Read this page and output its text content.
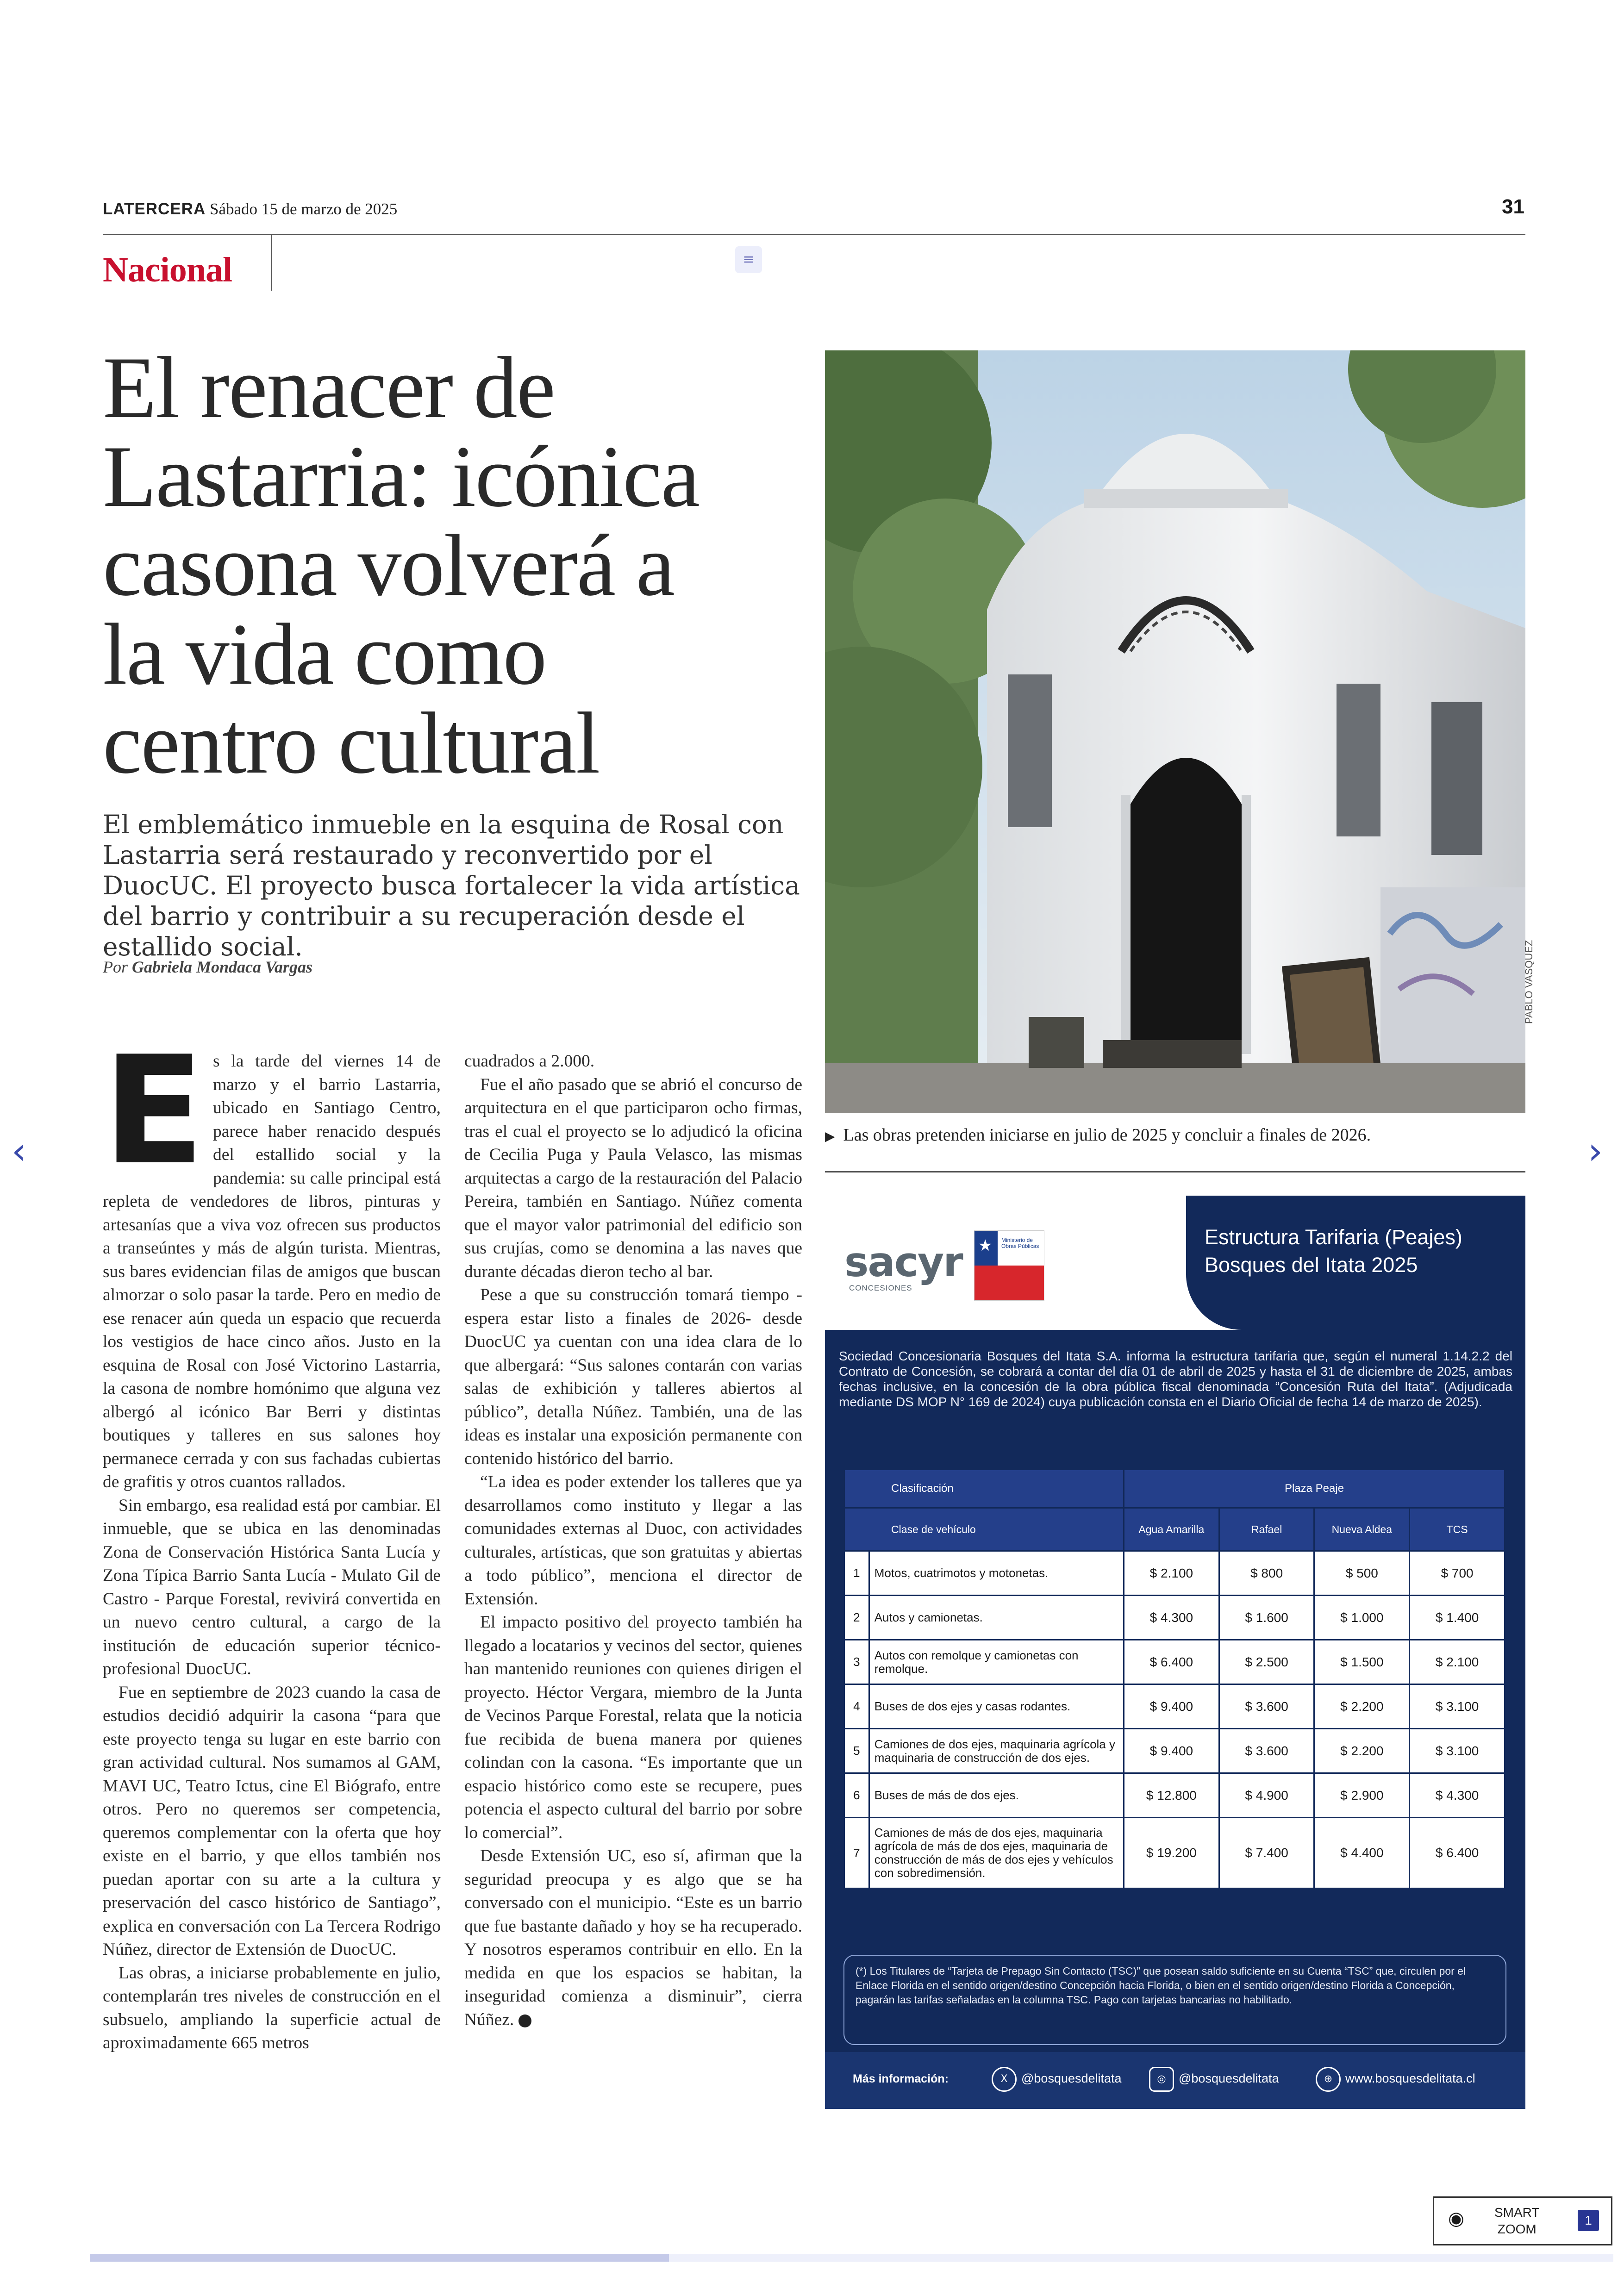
LATERCERA Sábado 15 de marzo de 2025	31
Nacional	≡
El renacer de
Lastarria: icónica
casona volverá a
la vida como
centro cultural
El emblemático inmueble en la esquina de Rosal con Lastarria será restaurado y reconvertido por el DuocUC. El proyecto busca fortalecer la vida artística del barrio y contribuir a su recuperación desde el estallido social.
Por Gabriela Mondaca Vargas
E s la tarde del viernes 14 de marzo y el barrio Lastarria, ubicado en Santiago Centro, parece haber renacido después del estallido social y la pandemia: su calle principal está repleta de vendedores de libros, pinturas y artesanías que a viva voz ofrecen sus productos a transeúntes y más de algún turista. Mientras, sus bares evidencian filas de amigos que buscan almorzar o solo pasar la tarde. Pero en medio de ese renacer aún queda un espacio que recuerda los vestigios de hace cinco años. Justo en la esquina de Rosal con José Victorino Lastarria, la casona de nombre homónimo que alguna vez albergó al icónico Bar Berri y distintas boutiques y talleres en sus salones hoy permanece cerrada y con sus fachadas cubiertas de grafitis y otros cuantos rallados.

Sin embargo, esa realidad está por cambiar. El inmueble, que se ubica en las denominadas Zona de Conservación Histórica Santa Lucía y Zona Típica Barrio Santa Lucía - Mulato Gil de Castro - Parque Forestal, revivirá convertida en un nuevo centro cultural, a cargo de la institución de educación superior técnico-profesional DuocUC.

Fue en septiembre de 2023 cuando la casa de estudios decidió adquirir la casona “para que este proyecto tenga su lugar en este barrio con gran actividad cultural. Nos sumamos al GAM, MAVI UC, Teatro Ictus, cine El Biógrafo, entre otros. Pero no queremos ser competencia, queremos complementar con la oferta que hoy existe en el barrio, y que ellos también nos puedan aportar con su arte a la cultura y preservación del casco histórico de Santiago”, explica en conversación con La Tercera Rodrigo Núñez, director de Extensión de DuocUC.

Las obras, a iniciarse probablemente en julio, contemplarán tres niveles de construcción en el subsuelo, ampliando la superficie actual de aproximadamente 665 metros

cuadrados a 2.000.

Fue el año pasado que se abrió el concurso de arquitectura en el que participaron ocho firmas, tras el cual el proyecto se lo adjudicó la oficina de Cecilia Puga y Paula Velasco, las mismas arquitectas a cargo de la restauración del Palacio Pereira, también en Santiago. Núñez comenta que el mayor valor patrimonial del edificio son sus crujías, como se denomina a las naves que durante décadas dieron techo al bar.

Pese a que su construcción tomará tiempo -espera estar listo a finales de 2026- desde DuocUC ya cuentan con una idea clara de lo que albergará: “Sus salones contarán con varias salas de exhibición y talleres abiertos al público”, detalla Núñez. También, una de las ideas es instalar una exposición permanente con contenido histórico del barrio.

“La idea es poder extender los talleres que ya desarrollamos como instituto y llegar a las comunidades externas al Duoc, con actividades culturales, artísticas, que son gratuitas y abiertas a todo público”, menciona el director de Extensión.

El impacto positivo del proyecto también ha llegado a locatarios y vecinos del sector, quienes han mantenido reuniones con quienes dirigen el proyecto. Héctor Vergara, miembro de la Junta de Vecinos Parque Forestal, relata que la noticia fue recibida de buena manera por quienes colindan con la casona. “Es importante que un espacio histórico como este se recupere, pues potencia el aspecto cultural del barrio por sobre lo comercial”.

Desde Extensión UC, eso sí, afirman que la seguridad preocupa y es algo que se ha conversado con el municipio. “Este es un barrio que fue bastante dañado y hoy se ha recuperado. Y nosotros esperamos contribuir en ello. En la medida en que los espacios se habitan, la inseguridad comienza a disminuir”, cierra Núñez.

PABLO VASQUEZ
▶ Las obras pretenden iniciarse en julio de 2025 y concluir a finales de 2026.
sacyr
CONCESIONES
★ Ministerio de Obras Públicas	Estructura Tarifaria (Peajes)
Bosques del Itata 2025
Sociedad Concesionaria Bosques del Itata S.A. informa la estructura tarifaria que, según el numeral 1.14.2.2 del Contrato de Concesión, se cobrará a contar del día 01 de abril de 2025 y hasta el 31 de diciembre de 2025, ambas fechas inclusive, en la concesión de la obra pública fiscal denominada “Concesión Ruta del Itata”. (Adjudicada mediante DS MOP N° 169 de 2024) cuya publicación consta en el Diario Oficial de fecha 14 de marzo de 2025).
Clasificación		Plaza Peaje			
Clase de vehículo		Agua Amarilla	Rafael	Nueva Aldea	TCS
1	Motos, cuatrimotos y motonetas.	$ 2.100	$ 800	$ 500	$ 700
2	Autos y camionetas.	$ 4.300	$ 1.600	$ 1.000	$ 1.400
3	Autos con remolque y camionetas con remolque.	$ 6.400	$ 2.500	$ 1.500	$ 2.100
4	Buses de dos ejes y casas rodantes.	$ 9.400	$ 3.600	$ 2.200	$ 3.100
5	Camiones de dos ejes, maquinaria agrícola y maquinaria de construcción de dos ejes.	$ 9.400	$ 3.600	$ 2.200	$ 3.100
6	Buses de más de dos ejes.	$ 12.800	$ 4.900	$ 2.900	$ 4.300
7	Camiones de más de dos ejes, maquinaria agrícola de más de dos ejes, maquinaria de construcción de más de dos ejes y vehículos con sobredimensión.	$ 19.200	$ 7.400	$ 4.400	$ 6.400
(*) Los Titulares de “Tarjeta de Prepago Sin Contacto (TSC)” que posean saldo suficiente en su Cuenta “TSC” que, circulen por el Enlace Florida en el sentido origen/destino Concepción hacia Florida, o bien en el sentido origen/destino Florida a Concepción, pagarán las tarifas señaladas en la columna TSC. Pago con tarjetas bancarias no habilitado.
Más información:	X @bosquesdelitata	◎ @bosquesdelitata	⊕ www.bosquesdelitata.cl
‹	›
◉ SMART
ZOOM
1
